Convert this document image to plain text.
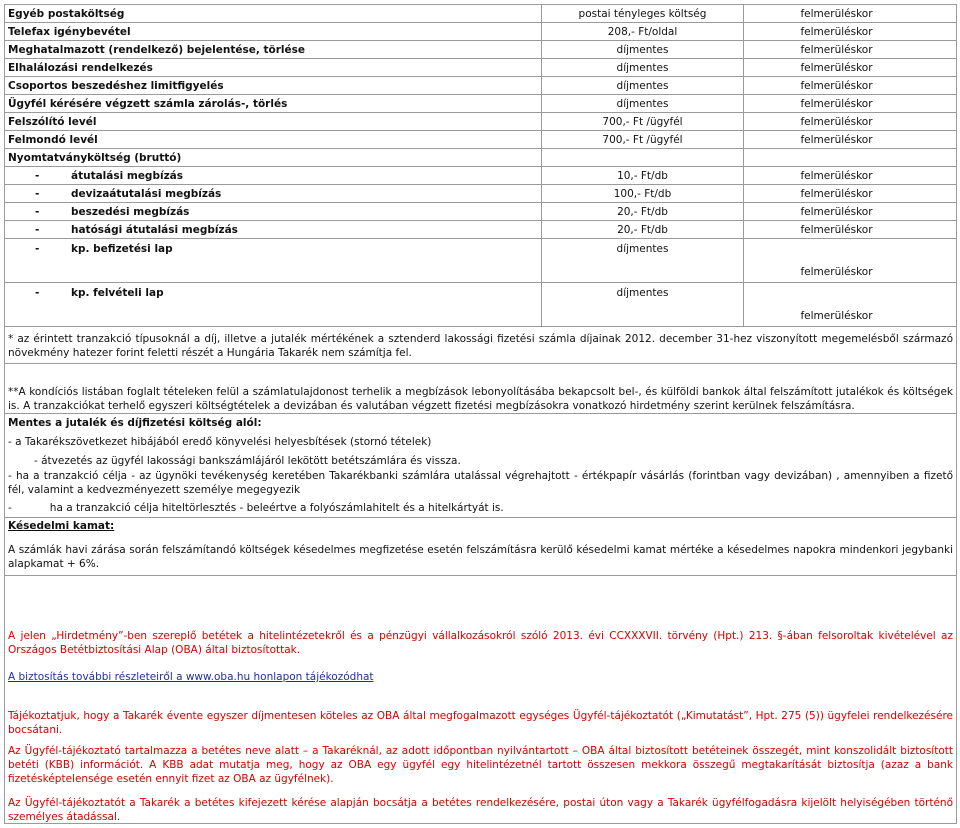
Egyéb postaköltség	postai tényleges költség	felmerüléskor
Telefax igénybevétel	208,- Ft/oldal	felmerüléskor
Meghatalmazott (rendelkező) bejelentése, törlése	díjmentes	felmerüléskor
Elhalálozási rendelkezés	díjmentes	felmerüléskor
Csoportos beszedéshez limitfigyelés	díjmentes	felmerüléskor
Ügyfél kérésére végzett számla zárolás-, törlés	díjmentes	felmerüléskor
Felszólító levél	700,- Ft /ügyfél	felmerüléskor
Felmondó levél	700,- Ft /ügyfél	felmerüléskor
Nyomtatványköltség (bruttó)		

- átutalási megbízás	10,- Ft/db	felmerüléskor

- devizaátutalási megbízás	100,- Ft/db	felmerüléskor

- beszedési megbízás	20,- Ft/db	felmerüléskor

- hatósági átutalási megbízás	20,- Ft/db	felmerüléskor

- kp. befizetési lap	díjmentes	felmerüléskor

- kp. felvételi lap	díjmentes	felmerüléskor
* az érintett tranzakció típusoknál a díj, illetve a jutalék mértékének a sztenderd lakossági fizetési számla díjainak 2012. december 31-hez viszonyított megemelésből származó növekmény hatezer forint feletti részét a Hungária Takarék nem számítja fel.
**A kondíciós listában foglalt tételeken felül a számlatulajdonost terhelik a megbízások lebonyolításába bekapcsolt bel-, és külföldi bankok által felszámított jutalékok és költségek is. A tranzakciókat terhelő egyszeri költségtételek a devizában és valutában végzett fizetési megbízásokra vonatkozó hirdetmény szerint kerülnek felszámításra.
Mentes a jutalék és díjfizetési költség alól:
- a Takarékszövetkezet hibájából eredő könyvelési helyesbítések (stornó tételek)
- átvezetés az ügyfél lakossági bankszámlájáról lekötött betétszámlára és vissza.
- ha a tranzakció célja - az ügynöki tevékenység keretében Takarékbanki számlára utalással végrehajtott - értékpapír vásárlás (forintban vagy devizában) , amennyiben a fizető fél, valamint a kedvezményezett személye megegyezik
-	ha a tranzakció célja hiteltörlesztés - beleértve a folyószámlahitelt és a hitelkártyát is.
Késedelmi kamat:
A számlák havi zárása során felszámítandó költségek késedelmes megfizetése esetén felszámításra kerülő késedelmi kamat mértéke a késedelmes napokra mindenkori jegybanki alapkamat + 6%.
A jelen „Hirdetmény”-ben szereplő betétek a hitelintézetekről és a pénzügyi vállalkozásokról szóló 2013. évi CCXXXVII. törvény (Hpt.) 213. §-ában felsoroltak kivételével az Országos Betétbiztosítási Alap (OBA) által biztosítottak.
A biztosítás további részleteiről a www.oba.hu honlapon tájékozódhat
Tájékoztatjuk, hogy a Takarék évente egyszer díjmentesen köteles az OBA által megfogalmazott egységes Ügyfél-tájékoztatót („Kimutatást”, Hpt. 275 (5)) ügyfelei rendelkezésére bocsátani.
Az Ügyfél-tájékoztató tartalmazza a betétes neve alatt – a Takaréknál, az adott időpontban nyilvántartott – OBA által biztosított betéteinek összegét, mint konszolidált biztosított betéti (KBB) információt. A KBB adat mutatja meg, hogy az OBA egy ügyfél egy hitelintézetnél tartott összesen mekkora összegű megtakarítását biztosítja (azaz a bank fizetésképtelensége esetén ennyit fizet az OBA az ügyfélnek).
Az Ügyfél-tájékoztatót a Takarék a betétes kifejezett kérése alapján bocsátja a betétes rendelkezésére, postai úton vagy a Takarék ügyfélfogadásra kijelölt helyiségében történő személyes átadással.
